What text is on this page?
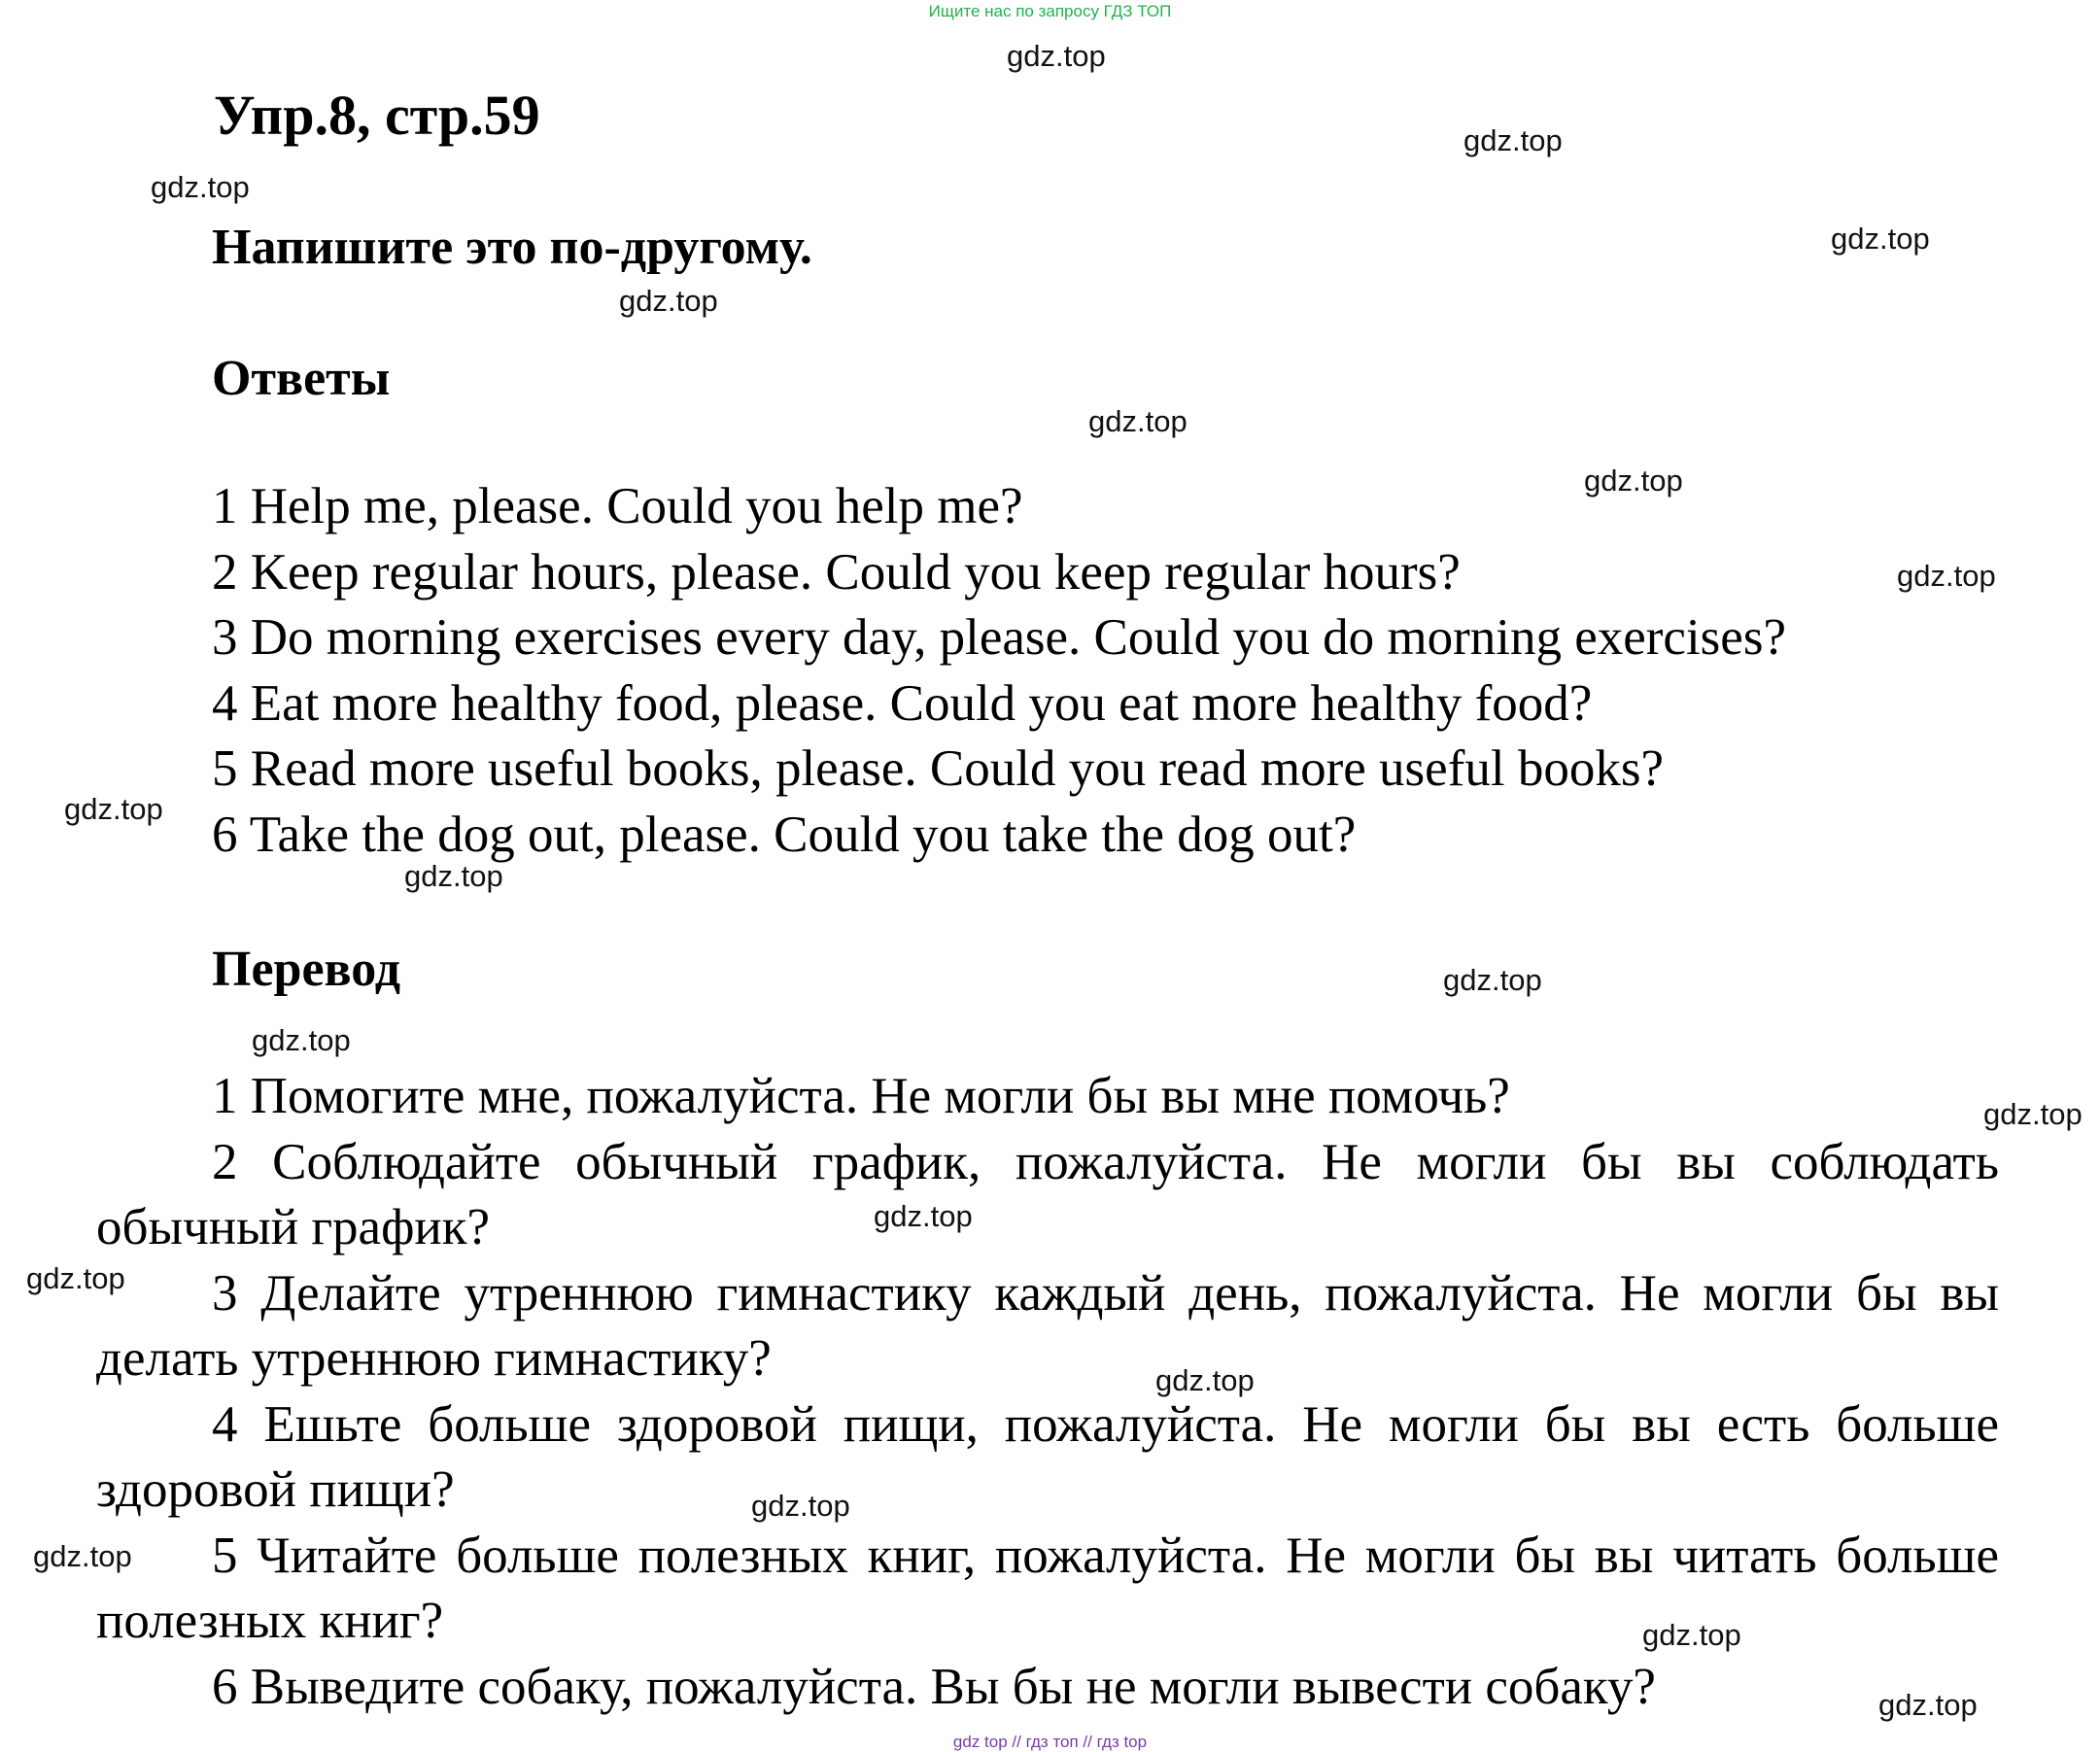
Ищите нас по запросу ГДЗ ТОП
Упр.8, стр.59
Напишите это по-другому.
Ответы
1 Help me, please. Could you help me?
2 Keep regular hours, please. Could you keep regular hours?
3 Do morning exercises every day, please. Could you do morning exercises?
4 Eat more healthy food, please. Could you eat more healthy food?
5 Read more useful books, please. Could you read more useful books?
6 Take the dog out, please. Could you take the dog out?
Перевод

1 Помогите мне, пожалуйста. Не могли бы вы мне помочь?

2 Соблюдайте обычный график, пожалуйста. Не могли бы вы соблюдать обычный график?

3 Делайте утреннюю гимнастику каждый день, пожалуйста. Не могли бы вы делать утреннюю гимнастику?

4 Ешьте больше здоровой пищи, пожалуйста. Не могли бы вы есть больше здоровой пищи?

5 Читайте больше полезных книг, пожалуйста. Не могли бы вы читать больше полезных книг?

6 Выведите собаку, пожалуйста. Вы бы не могли вывести собаку?

gdz.top
gdz.top
gdz.top
gdz.top
gdz.top
gdz.top
gdz.top
gdz.top
gdz.top
gdz.top
gdz.top
gdz.top
gdz.top
gdz.top
gdz.top
gdz.top
gdz.top
gdz.top
gdz.top
gdz.top
gdz top // гдз топ // гдз top
